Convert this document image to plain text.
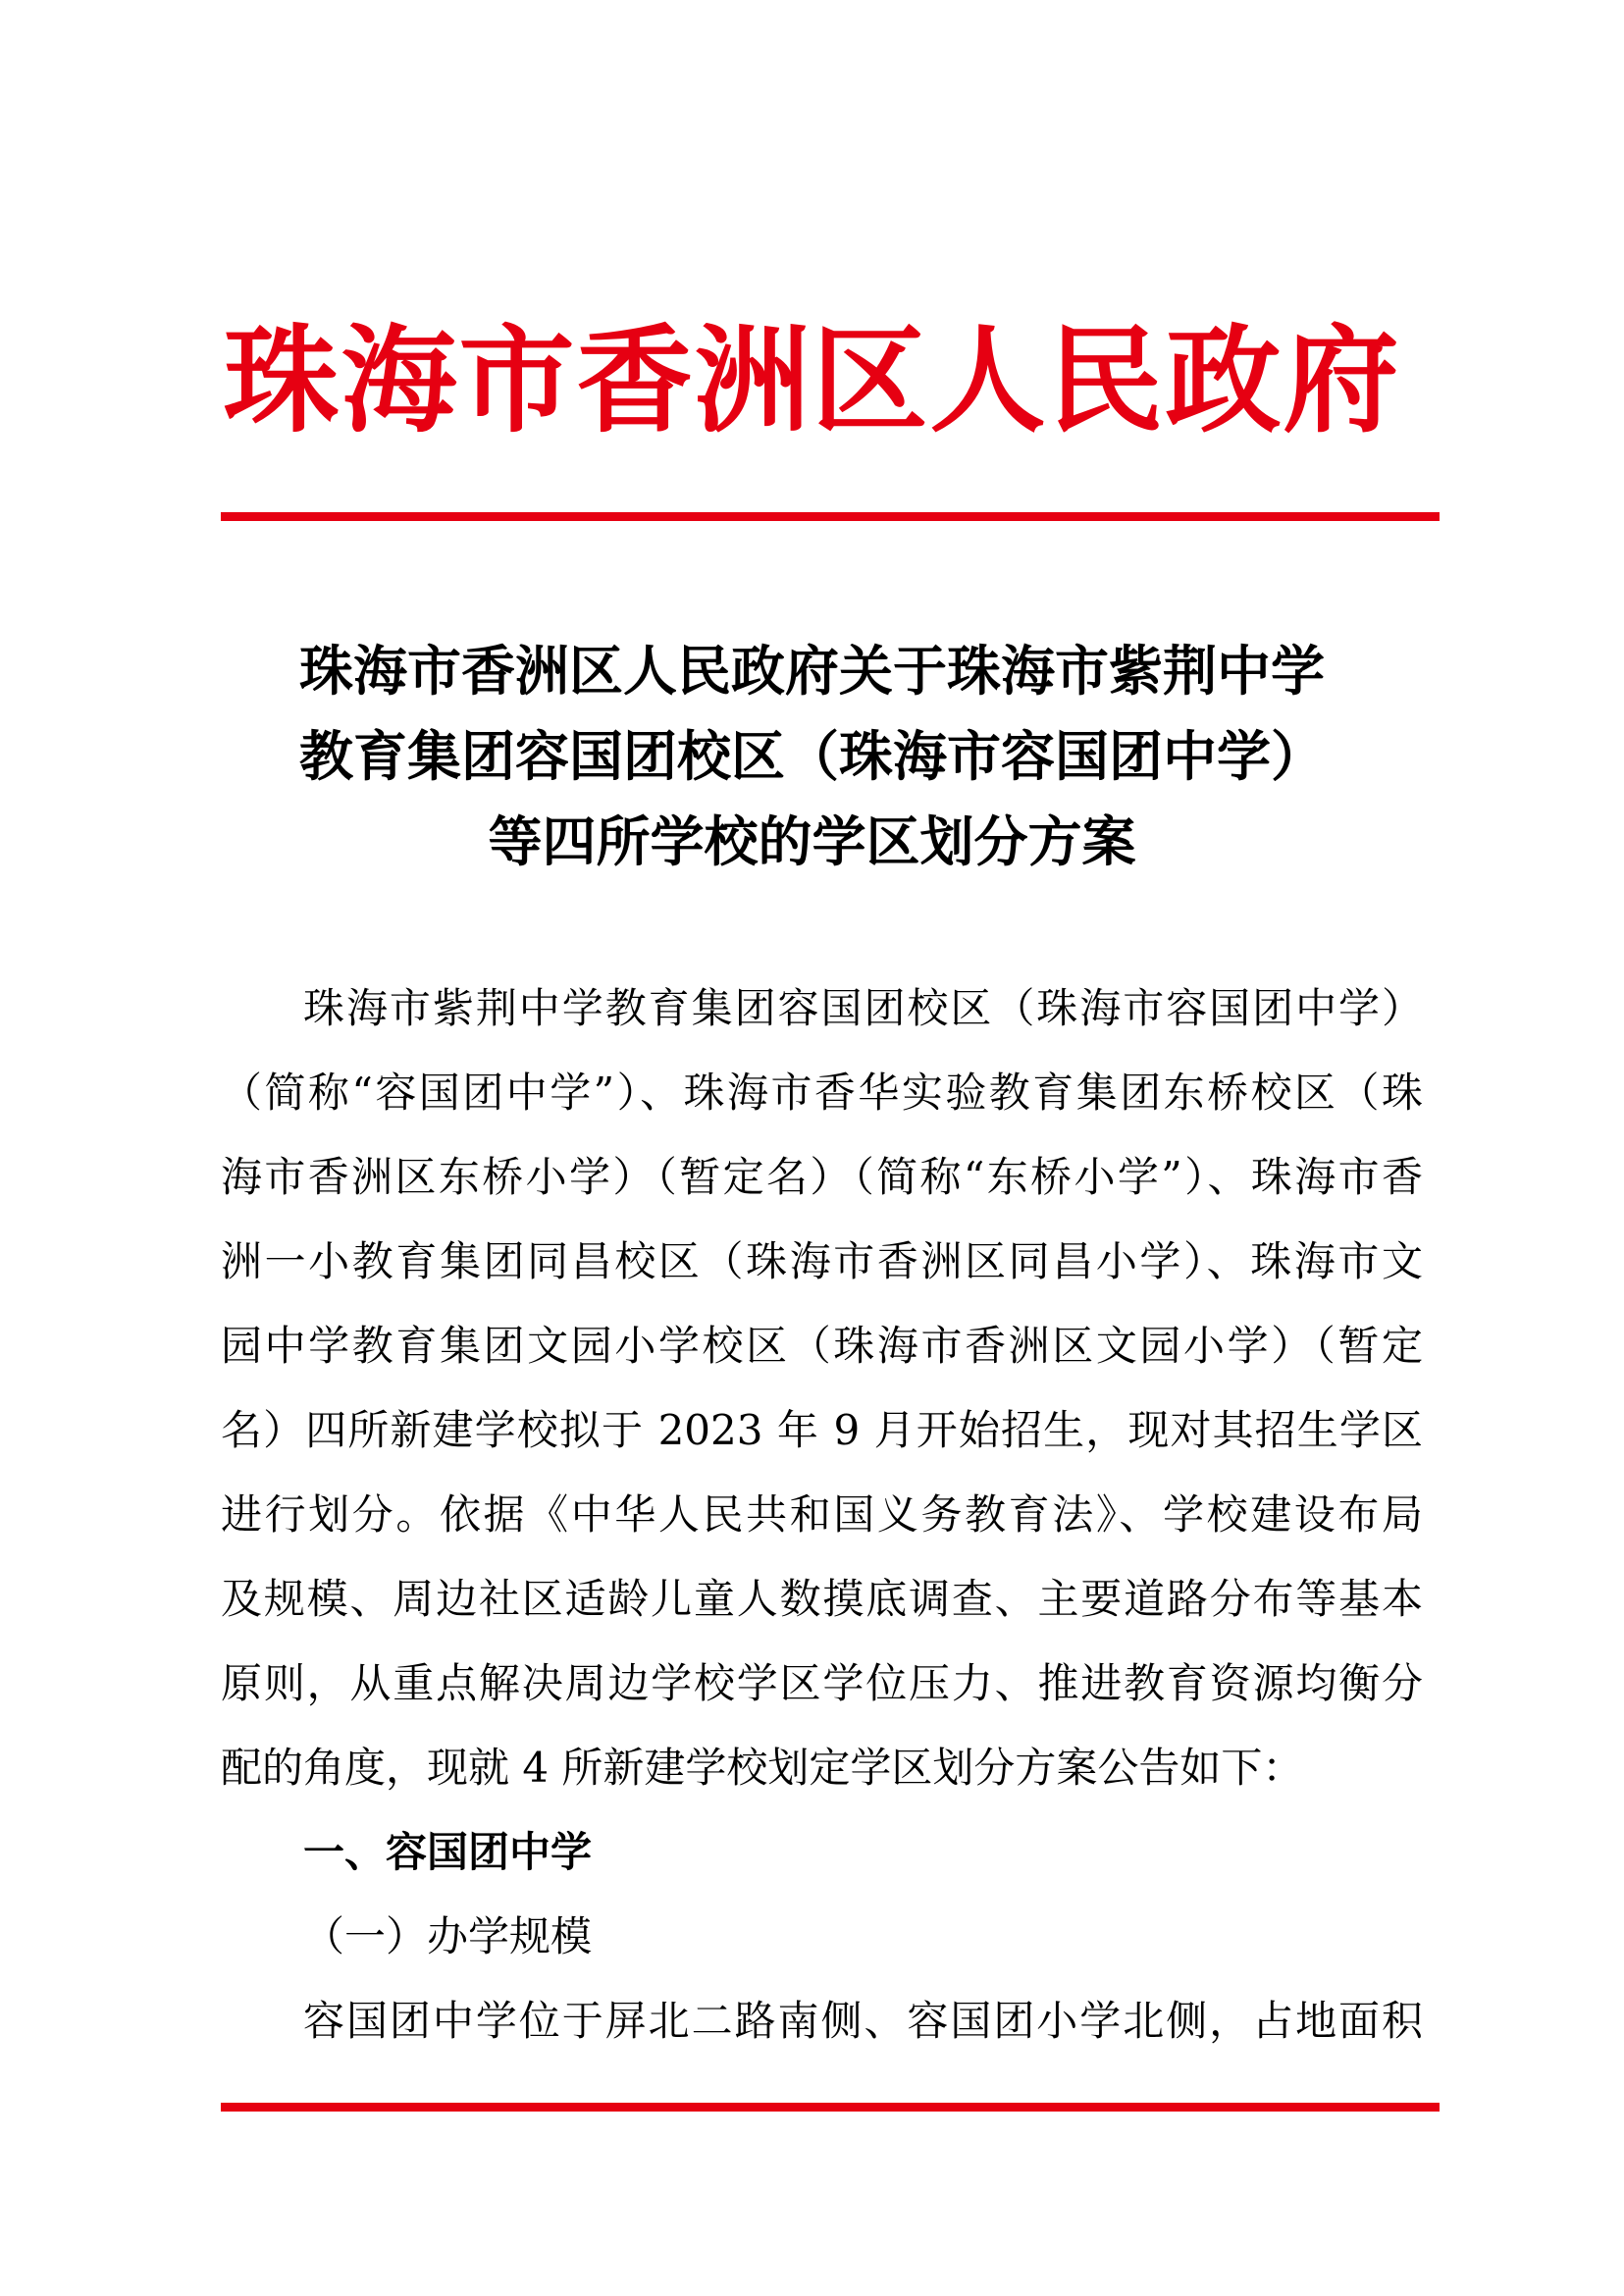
珠海市香洲区人民政府
珠海市香洲区人民政府关于珠海市紫荆中学
教育集团容国团校区（珠海市容国团中学）
等四所学校的学区划分方案
珠海市紫荆中学教育集团容国团校区（珠海市容国团中学）
（简称“容国团中学”）、珠海市香华实验教育集团东桥校区（珠
海市香洲区东桥小学）（暂定名）（简称“东桥小学”）、珠海市香
洲一小教育集团同昌校区（珠海市香洲区同昌小学）、珠海市文
园中学教育集团文园小学校区（珠海市香洲区文园小学）（暂定
名）四所新建学校拟于 2023 年 9 月开始招生，现对其招生学区
进行划分。依据《中华人民共和国义务教育法》、学校建设布局
及规模、周边社区适龄儿童人数摸底调查、主要道路分布等基本
原则，从重点解决周边学校学区学位压力、推进教育资源均衡分
配的角度，现就 4 所新建学校划定学区划分方案公告如下：
一、容国团中学
（一）办学规模
容国团中学位于屏北二路南侧、容国团小学北侧，占地面积
